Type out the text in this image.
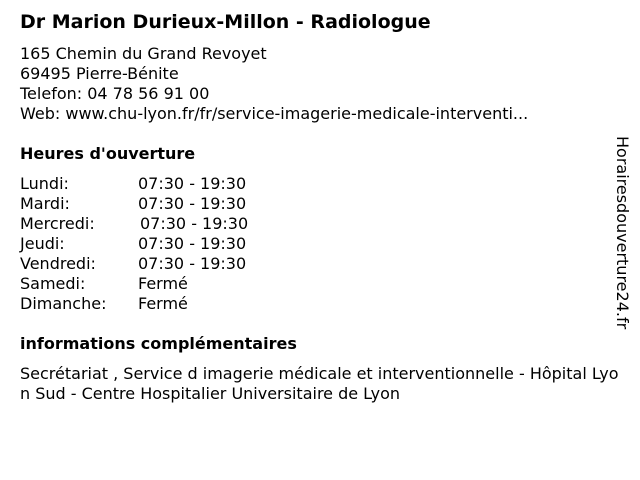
Dr Marion Durieux-Millon - Radiologue
165 Chemin du Grand Revoyet
69495 Pierre-Bénite
Telefon: 04 78 56 91 00
Web: www.chu-lyon.fr/fr/service-imagerie-medicale-interventi...
Heures d'ouverture
Lundi:	07:30 - 19:30
Mardi:	07:30 - 19:30
Mercredi:	07:30 - 19:30
Jeudi:	07:30 - 19:30
Vendredi:	07:30 - 19:30
Samedi:	Fermé
Dimanche: Fermé
informations complémentaires
Secrétariat , Service d imagerie médicale et interventionnelle - Hôpital Lyon Sud - Centre Hospitalier Universitaire de Lyon
Horairesdouverture24.fr
